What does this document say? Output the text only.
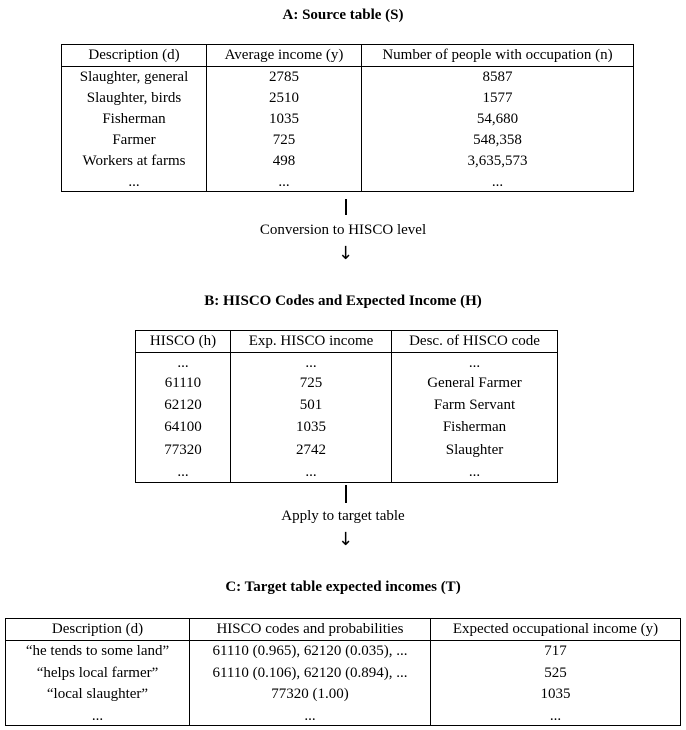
A: Source table (S)
Description (d)	Average income (y)	Number of people with occupation (n)
Slaughter, general	2785	8587
Slaughter, birds	2510	1577
Fisherman	1035	54,680
Farmer	725	548,358
Workers at farms	498	3,635,573
...	...	...
Conversion to HISCO level
↓
B: HISCO Codes and Expected Income (H)
HISCO (h)	Exp. HISCO income	Desc. of HISCO code
...	...	...
61110	725	General Farmer
62120	501	Farm Servant
64100	1035	Fisherman
77320	2742	Slaughter
...	...	...
Apply to target table
↓
C: Target table expected incomes (T)
Description (d)	HISCO codes and probabilities	Expected occupational income (y)
“he tends to some land”	61110 (0.965), 62120 (0.035), ...	717
“helps local farmer”	61110 (0.106), 62120 (0.894), ...	525
“local slaughter”	77320 (1.00)	1035
...	...	...
